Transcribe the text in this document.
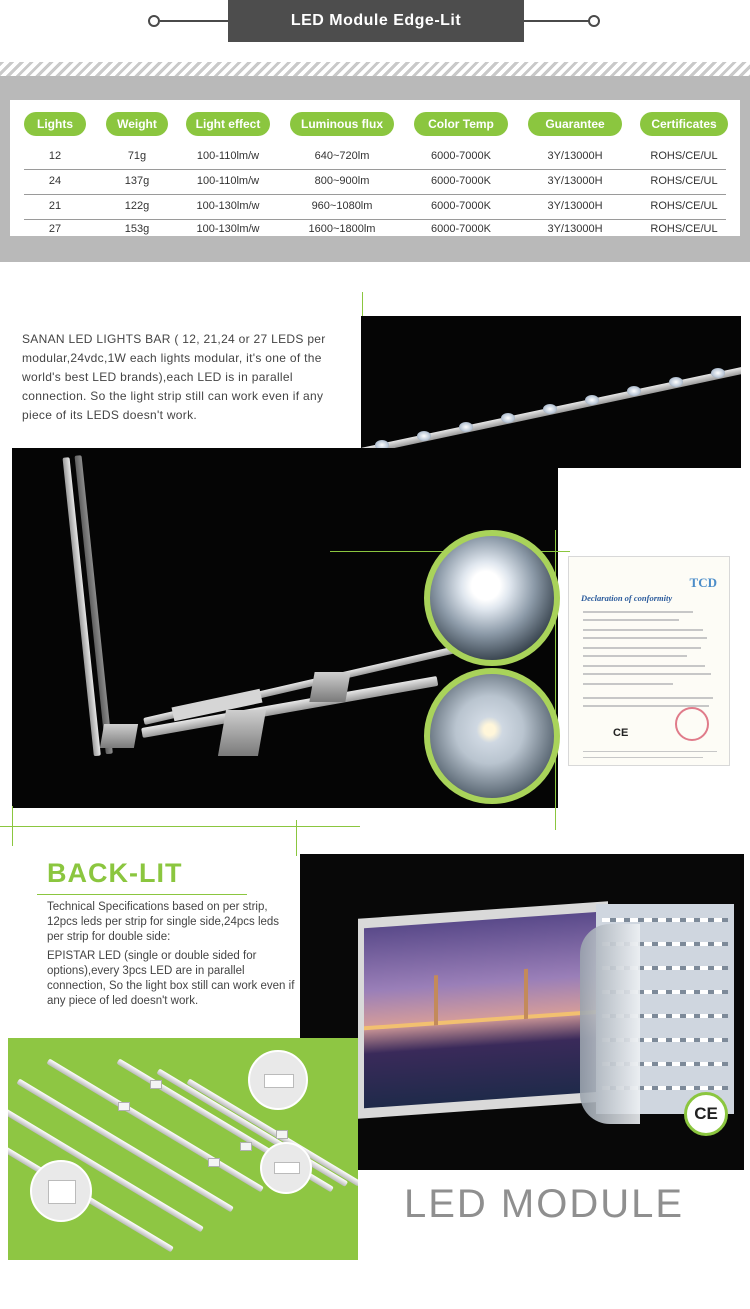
LED Module Edge-Lit
Lights	Weight	Light effect	Luminous flux	Color Temp	Guarantee	Certificates
12	71g	100-110lm/w	640~720lm	6000-7000K	3Y/13000H	ROHS/CE/UL
24	137g	100-110lm/w	800~900lm	6000-7000K	3Y/13000H	ROHS/CE/UL
21	122g	100-130lm/w	960~1080lm	6000-7000K	3Y/13000H	ROHS/CE/UL
27	153g	100-130lm/w	1600~1800lm	6000-7000K	3Y/13000H	ROHS/CE/UL

SANAN LED LIGHTS BAR ( 12, 21,24 or 27 LEDS per modular,24vdc,1W each lights modular, it's one of the world's best LED brands),each LED is in parallel connection. So the light strip still can work even if any piece of its LEDS doesn't work.

TCD
Declaration of conformity
CE
BACK-LIT

Technical Specifications based on per strip, 12pcs leds per strip for single side,24pcs leds per strip for double side:

EPISTAR LED (single or double sided for options),every 3pcs LED are in parallel connection, So the light box still can work even if any piece of led doesn't work.

CE
LED MODULE
